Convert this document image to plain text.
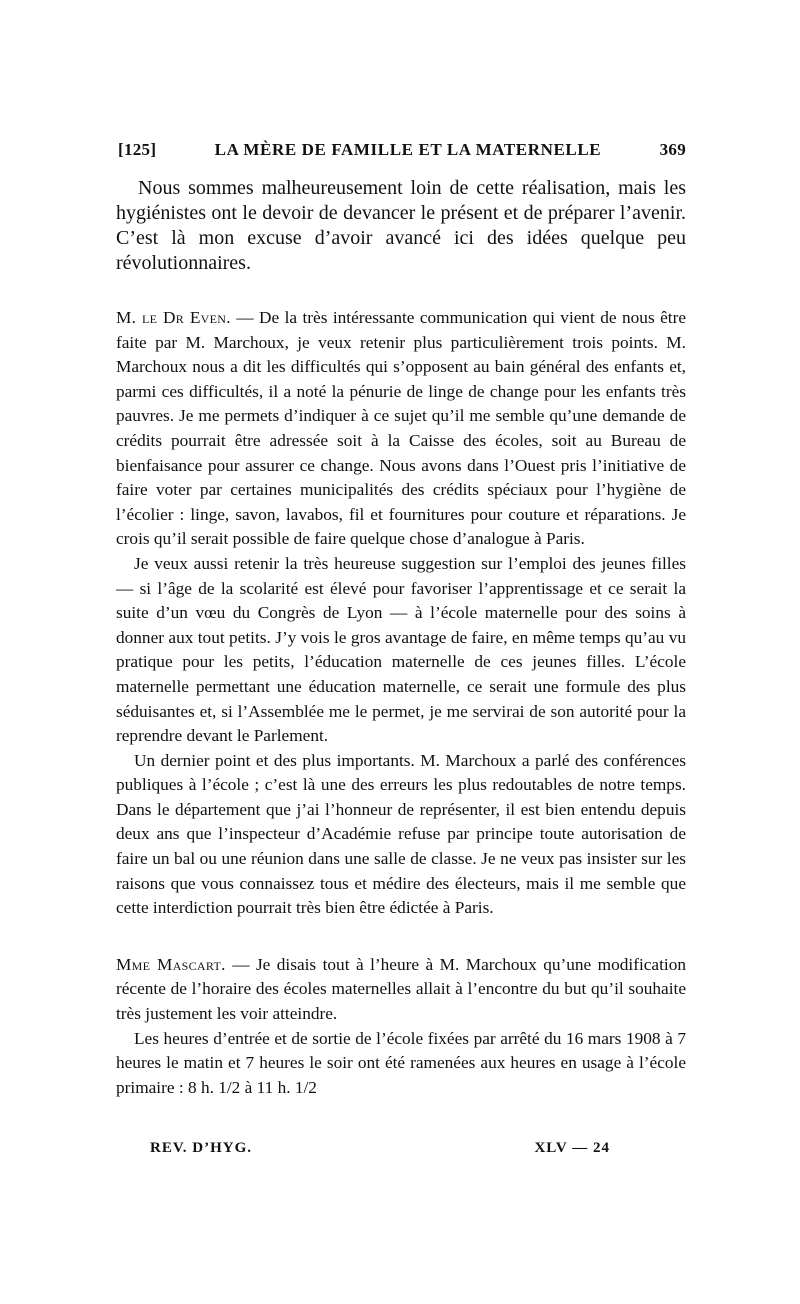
[125]	LA MÈRE DE FAMILLE ET LA MATERNELLE	369

Nous sommes malheureusement loin de cette réalisation, mais les hygiénistes ont le devoir de devancer le présent et de préparer l’avenir. C’est là mon excuse d’avoir avancé ici des idées quelque peu révolutionnaires.

M. le Dr Even. — De la très intéressante communication qui vient de nous être faite par M. Marchoux, je veux retenir plus particulièrement trois points. M. Marchoux nous a dit les difficultés qui s’opposent au bain général des enfants et, parmi ces difficultés, il a noté la pénurie de linge de change pour les enfants très pauvres. Je me permets d’indiquer à ce sujet qu’il me semble qu’une demande de crédits pourrait être adressée soit à la Caisse des écoles, soit au Bureau de bienfaisance pour assurer ce change. Nous avons dans l’Ouest pris l’initiative de faire voter par certaines municipalités des crédits spéciaux pour l’hygiène de l’écolier : linge, savon, lavabos, fil et fournitures pour couture et réparations. Je crois qu’il serait possible de faire quelque chose d’analogue à Paris.

Je veux aussi retenir la très heureuse suggestion sur l’emploi des jeunes filles — si l’âge de la scolarité est élevé pour favoriser l’apprentissage et ce serait la suite d’un vœu du Congrès de Lyon — à l’école maternelle pour des soins à donner aux tout petits. J’y vois le gros avantage de faire, en même temps qu’au vu pratique pour les petits, l’éducation maternelle de ces jeunes filles. L’école maternelle permettant une éducation maternelle, ce serait une formule des plus séduisantes et, si l’Assemblée me le permet, je me servirai de son autorité pour la reprendre devant le Parlement.

Un dernier point et des plus importants. M. Marchoux a parlé des conférences publiques à l’école ; c’est là une des erreurs les plus redoutables de notre temps. Dans le département que j’ai l’honneur de représenter, il est bien entendu depuis deux ans que l’inspecteur d’Académie refuse par principe toute autorisation de faire un bal ou une réunion dans une salle de classe. Je ne veux pas insister sur les raisons que vous connaissez tous et médire des électeurs, mais il me semble que cette interdiction pourrait très bien être édictée à Paris.

Mme Mascart. — Je disais tout à l’heure à M. Marchoux qu’une modification récente de l’horaire des écoles maternelles allait à l’encontre du but qu’il souhaite très justement les voir atteindre.

Les heures d’entrée et de sortie de l’école fixées par arrêté du 16 mars 1908 à 7 heures le matin et 7 heures le soir ont été ramenées aux heures en usage à l’école primaire : 8 h. 1/2 à 11 h. 1/2

REV. D’HYG.	XLV — 24
